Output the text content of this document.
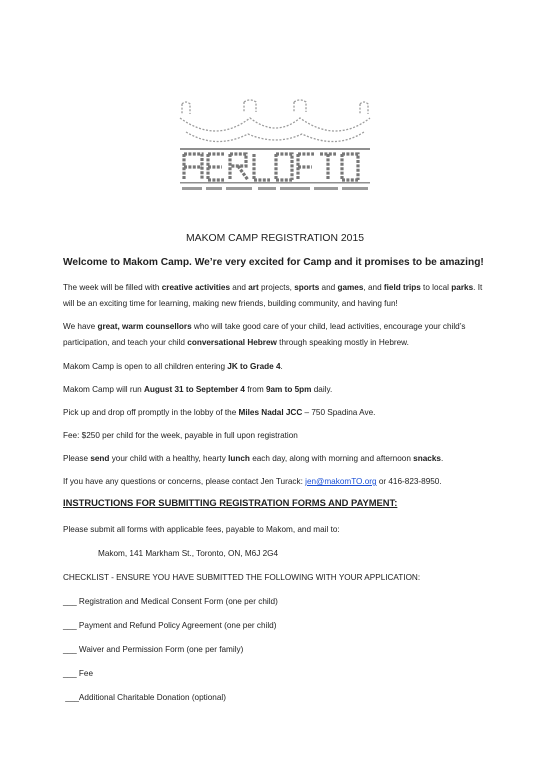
MAKOM CAMP REGISTRATION 2015

Welcome to Makom Camp. We’re very excited for Camp and it promises to be amazing!

The week will be filled with creative activities and art projects, sports and games, and field trips to local parks. It will be an exciting time for learning, making new friends, building community, and having fun!

We have great, warm counsellors who will take good care of your child, lead activities, encourage your child’s participation, and teach your child conversational Hebrew through speaking mostly in Hebrew.

Makom Camp is open to all children entering JK to Grade 4.

Makom Camp will run August 31 to September 4 from 9am to 5pm daily.

Pick up and drop off promptly in the lobby of the Miles Nadal JCC – 750 Spadina Ave.

Fee: $250 per child for the week, payable in full upon registration

Please send your child with a healthy, hearty lunch each day, along with morning and afternoon snacks.

If you have any questions or concerns, please contact Jen Turack: jen@makomTO.org or 416-823-8950.

INSTRUCTIONS FOR SUBMITTING REGISTRATION FORMS AND PAYMENT:

Please submit all forms with applicable fees, payable to Makom, and mail to:

Makom, 141 Markham St., Toronto, ON, M6J 2G4

CHECKLIST - ENSURE YOU HAVE SUBMITTED THE FOLLOWING WITH YOUR APPLICATION:

___ Registration and Medical Consent Form (one per child)

___ Payment and Refund Policy Agreement (one per child)

___ Waiver and Permission Form (one per family)

___ Fee

___Additional Charitable Donation (optional)
